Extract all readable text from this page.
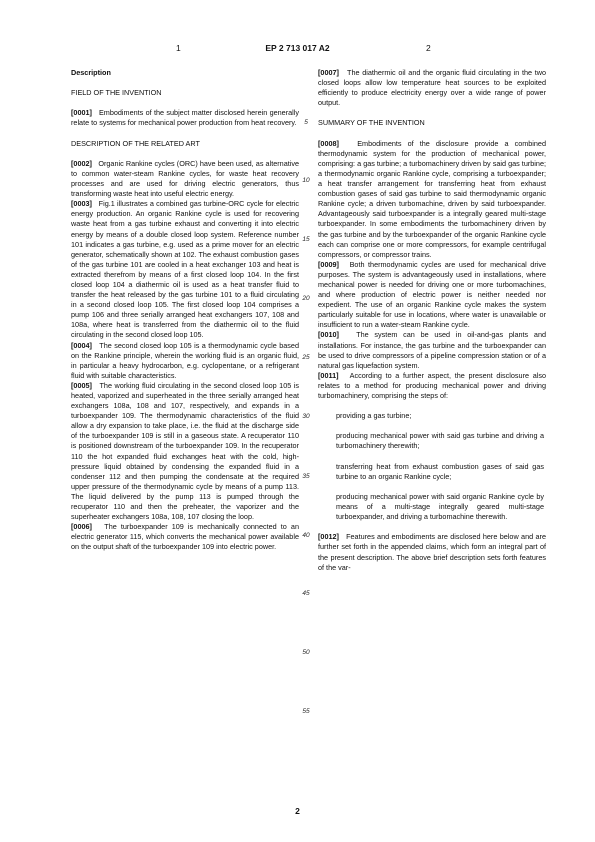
1	EP 2 713 017 A2	2

Description

FIELD OF THE INVENTION

[0001] Embodiments of the subject matter disclosed herein generally relate to systems for mechanical power production from heat recovery.

DESCRIPTION OF THE RELATED ART

[0002] Organic Rankine cycles (ORC) have been used, as alternative to common water-steam Rankine cycles, for waste heat recovery processes and are used for driving electric generators, thus transforming waste heat into useful electric energy.

[0003] Fig.1 illustrates a combined gas turbine-ORC cycle for electric energy production. An organic Rankine cycle is used for recovering waste heat from a gas turbine exhaust and converting it into electric energy by means of a double closed loop system. Reference number 101 indicates a gas turbine, e.g. used as a prime mover for an electric generator, schematically shown at 102. The exhaust combustion gases of the gas turbine 101 are cooled in a heat exchanger 103 and heat is extracted therefrom by means of a first closed loop 104. In the first closed loop 104 a diathermic oil is used as a heat transfer fluid to transfer the heat released by the gas turbine 101 to a fluid circulating in a second closed loop 105. The first closed loop 104 comprises a pump 106 and three serially arranged heat exchangers 107, 108 and 108a, where heat is transferred from the diathermic oil to the fluid circulating in the second closed loop 105.

[0004] The second closed loop 105 is a thermodynamic cycle based on the Rankine principle, wherein the working fluid is an organic fluid, in particular a heavy hydrocarbon, e.g. cyclopentane, or a refrigerant fluid with suitable characteristics.

[0005] The working fluid circulating in the second closed loop 105 is heated, vaporized and superheated in the three serially arranged heat exchangers 108a, 108 and 107, respectively, and expands in a turboexpander 109. The thermodynamic characteristics of the fluid allow a dry expansion to take place, i.e. the fluid at the discharge side of the turboexpander 109 is still in a gaseous state. A recuperator 110 is positioned downstream of the turboexpander 109. In the recuperator 110 the hot expanded fluid exchanges heat with the cold, high-pressure liquid obtained by condensing the expanded fluid in a condenser 112 and then pumping the condensate at the required upper pressure of the thermodynamic cycle by means of a pump 113. The liquid delivered by the pump 113 is pumped through the recuperator 110 and then the preheater, the vaporizer and the superheater exchangers 108a, 108, 107 closing the loop.

[0006] The turboexpander 109 is mechanically connected to an electric generator 115, which converts the mechanical power available on the output shaft of the turboexpander 109 into electric power.

5
10
15
20
25
30
35
40
45
50
55

[0007] The diathermic oil and the organic fluid circulating in the two closed loops allow low temperature heat sources to be exploited efficiently to produce electricity energy over a wide range of power output.

SUMMARY OF THE INVENTION

[0008]	Embodiments of the disclosure provide a combined thermodynamic system for the production of mechanical power, comprising: a gas turbine; a turbomachinery driven by said gas turbine; a thermodynamic organic Rankine cycle, comprising a turboexpander; a heat transfer arrangement for transferring heat from exhaust combustion gases of said gas turbine to said thermodynamic organic Rankine cycle; a driven turbomachine, driven by said turboexpander. Advantageously said turboexpander is a integrally geared multi-stage turboexpander. In some embodiments the turbomachinery driven by the gas turbine and by the turboexpander of the organic Rankine cycle each can comprise one or more compressors, for example centrifugal compressors, or compressor trains.

[0009] Both thermodynamic cycles are used for mechanical drive purposes. The system is advantageously used in installations, where mechanical power is needed for driving one or more turbomachines, and where production of electric power is neither needed nor expedient. The use of an organic Rankine cycle makes the system particularly suitable for use in locations, where water is unavailable or insufficient to run a water-steam Rankine cycle.

[0010] The system can be used in oil-and-gas plants and installations. For instance, the gas turbine and the turboexpander can be used to drive compressors of a pipeline compression station or of a natural gas liquefaction system.

[0011] According to a further aspect, the present disclosure also relates to a method for producing mechanical power and driving turbomachinery, comprising the steps of:

providing a gas turbine;

producing mechanical power with said gas turbine and driving a turbomachinery therewith;

transferring heat from exhaust combustion gases of said gas turbine to an organic Rankine cycle;

producing mechanical power with said organic Rankine cycle by means of a multi-stage integrally geared multi-stage turboexpander, and driving a turbomachine therewith.

[0012] Features and embodiments are disclosed here below and are further set forth in the appended claims, which form an integral part of the present description. The above brief description sets forth features of the var-

2
